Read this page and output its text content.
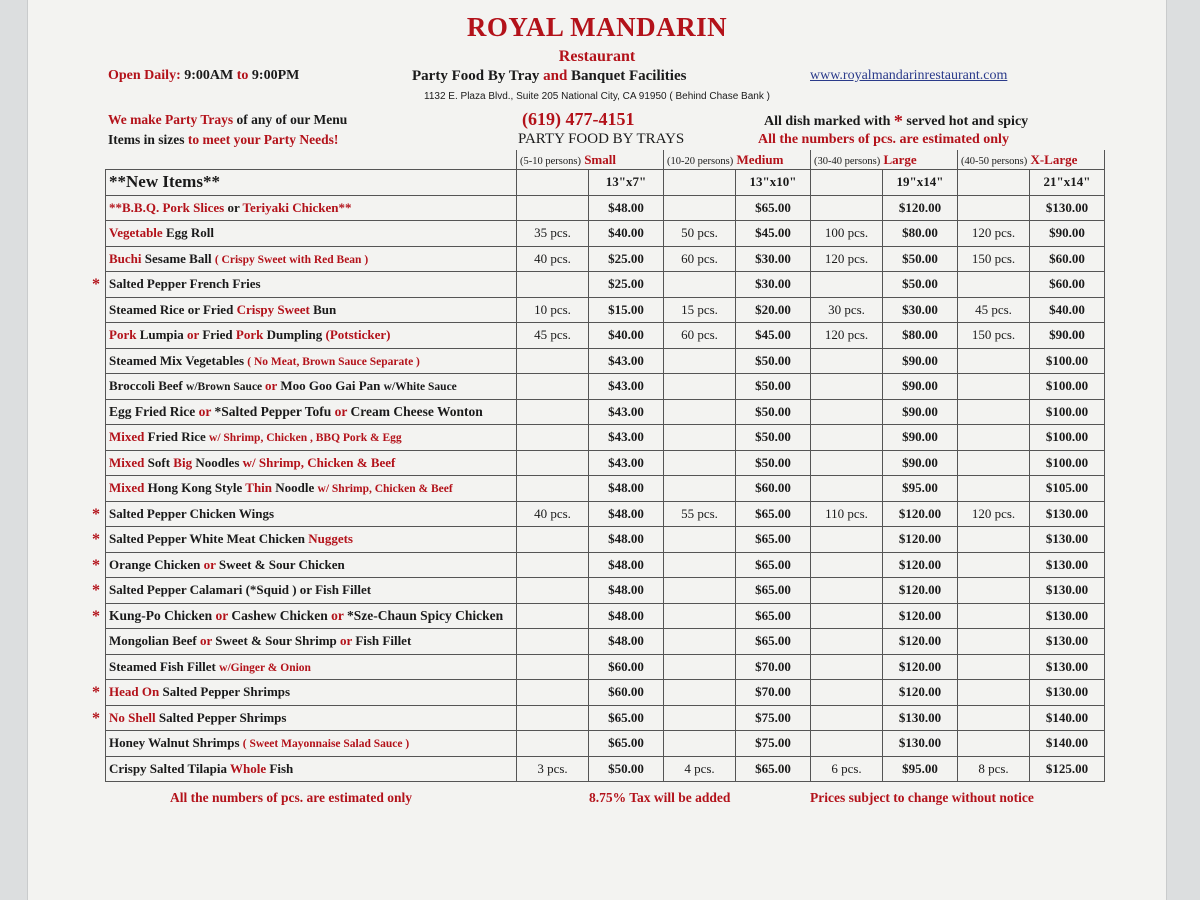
ROYAL MANDARIN
Restaurant
Open Daily: 9:00AM to 9:00PM	Party Food By Tray and Banquet Facilities	www.royalmandarinrestaurant.com
1132 E. Plaza Blvd., Suite 205 National City, CA 91950 ( Behind Chase Bank )
We make Party Trays of any of our Menu
Items in sizes to meet your Party Needs!
(619) 477-4151
PARTY FOOD BY TRAYS
All dish marked with * served hot and spicy
All the numbers of pcs. are estimated only
	(5-10 persons) Small		(10-20 persons) Medium		(30-40 persons) Large		(40-50 persons) X-Large	
**New Items**		13"x7"		13"x10"		19"x14"		21"x14"
**B.B.Q. Pork Slices or Teriyaki Chicken**		$48.00		$65.00		$120.00		$130.00
Vegetable Egg Roll	35 pcs.	$40.00	50 pcs.	$45.00	100 pcs.	$80.00	120 pcs.	$90.00
Buchi Sesame Ball ( Crispy Sweet with Red Bean )	40 pcs.	$25.00	60 pcs.	$30.00	120 pcs.	$50.00	150 pcs.	$60.00

* Salted Pepper French Fries		$25.00		$30.00		$50.00		$60.00
Steamed Rice or Fried Crispy Sweet Bun	10 pcs.	$15.00	15 pcs.	$20.00	30 pcs.	$30.00	45 pcs.	$40.00
Pork Lumpia or Fried Pork Dumpling (Potsticker)	45 pcs.	$40.00	60 pcs.	$45.00	120 pcs.	$80.00	150 pcs.	$90.00
Steamed Mix Vegetables ( No Meat, Brown Sauce Separate )		$43.00		$50.00		$90.00		$100.00
Broccoli Beef w/Brown Sauce or Moo Goo Gai Pan w/White Sauce		$43.00		$50.00		$90.00		$100.00
Egg Fried Rice or *Salted Pepper Tofu or Cream Cheese Wonton		$43.00		$50.00		$90.00		$100.00
Mixed Fried Rice w/ Shrimp, Chicken , BBQ Pork & Egg		$43.00		$50.00		$90.00		$100.00
Mixed Soft Big Noodles w/ Shrimp, Chicken & Beef		$43.00		$50.00		$90.00		$100.00
Mixed Hong Kong Style Thin Noodle w/ Shrimp, Chicken & Beef		$48.00		$60.00		$95.00		$105.00

* Salted Pepper Chicken Wings	40 pcs.	$48.00	55 pcs.	$65.00	110 pcs.	$120.00	120 pcs.	$130.00

* Salted Pepper White Meat Chicken Nuggets		$48.00		$65.00		$120.00		$130.00

* Orange Chicken or Sweet & Sour Chicken		$48.00		$65.00		$120.00		$130.00

* Salted Pepper Calamari (*Squid ) or Fish Fillet		$48.00		$65.00		$120.00		$130.00

* Kung-Po Chicken or Cashew Chicken or *Sze-Chaun Spicy Chicken		$48.00		$65.00		$120.00		$130.00
Mongolian Beef or Sweet & Sour Shrimp or Fish Fillet		$48.00		$65.00		$120.00		$130.00
Steamed Fish Fillet w/Ginger & Onion		$60.00		$70.00		$120.00		$130.00

* Head On Salted Pepper Shrimps		$60.00		$70.00		$120.00		$130.00

* No Shell Salted Pepper Shrimps		$65.00		$75.00		$130.00		$140.00
Honey Walnut Shrimps ( Sweet Mayonnaise Salad Sauce )		$65.00		$75.00		$130.00		$140.00
Crispy Salted Tilapia Whole Fish	3 pcs.	$50.00	4 pcs.	$65.00	6 pcs.	$95.00	8 pcs.	$125.00
All the numbers of pcs. are estimated only	8.75% Tax will be added	Prices subject to change without notice
